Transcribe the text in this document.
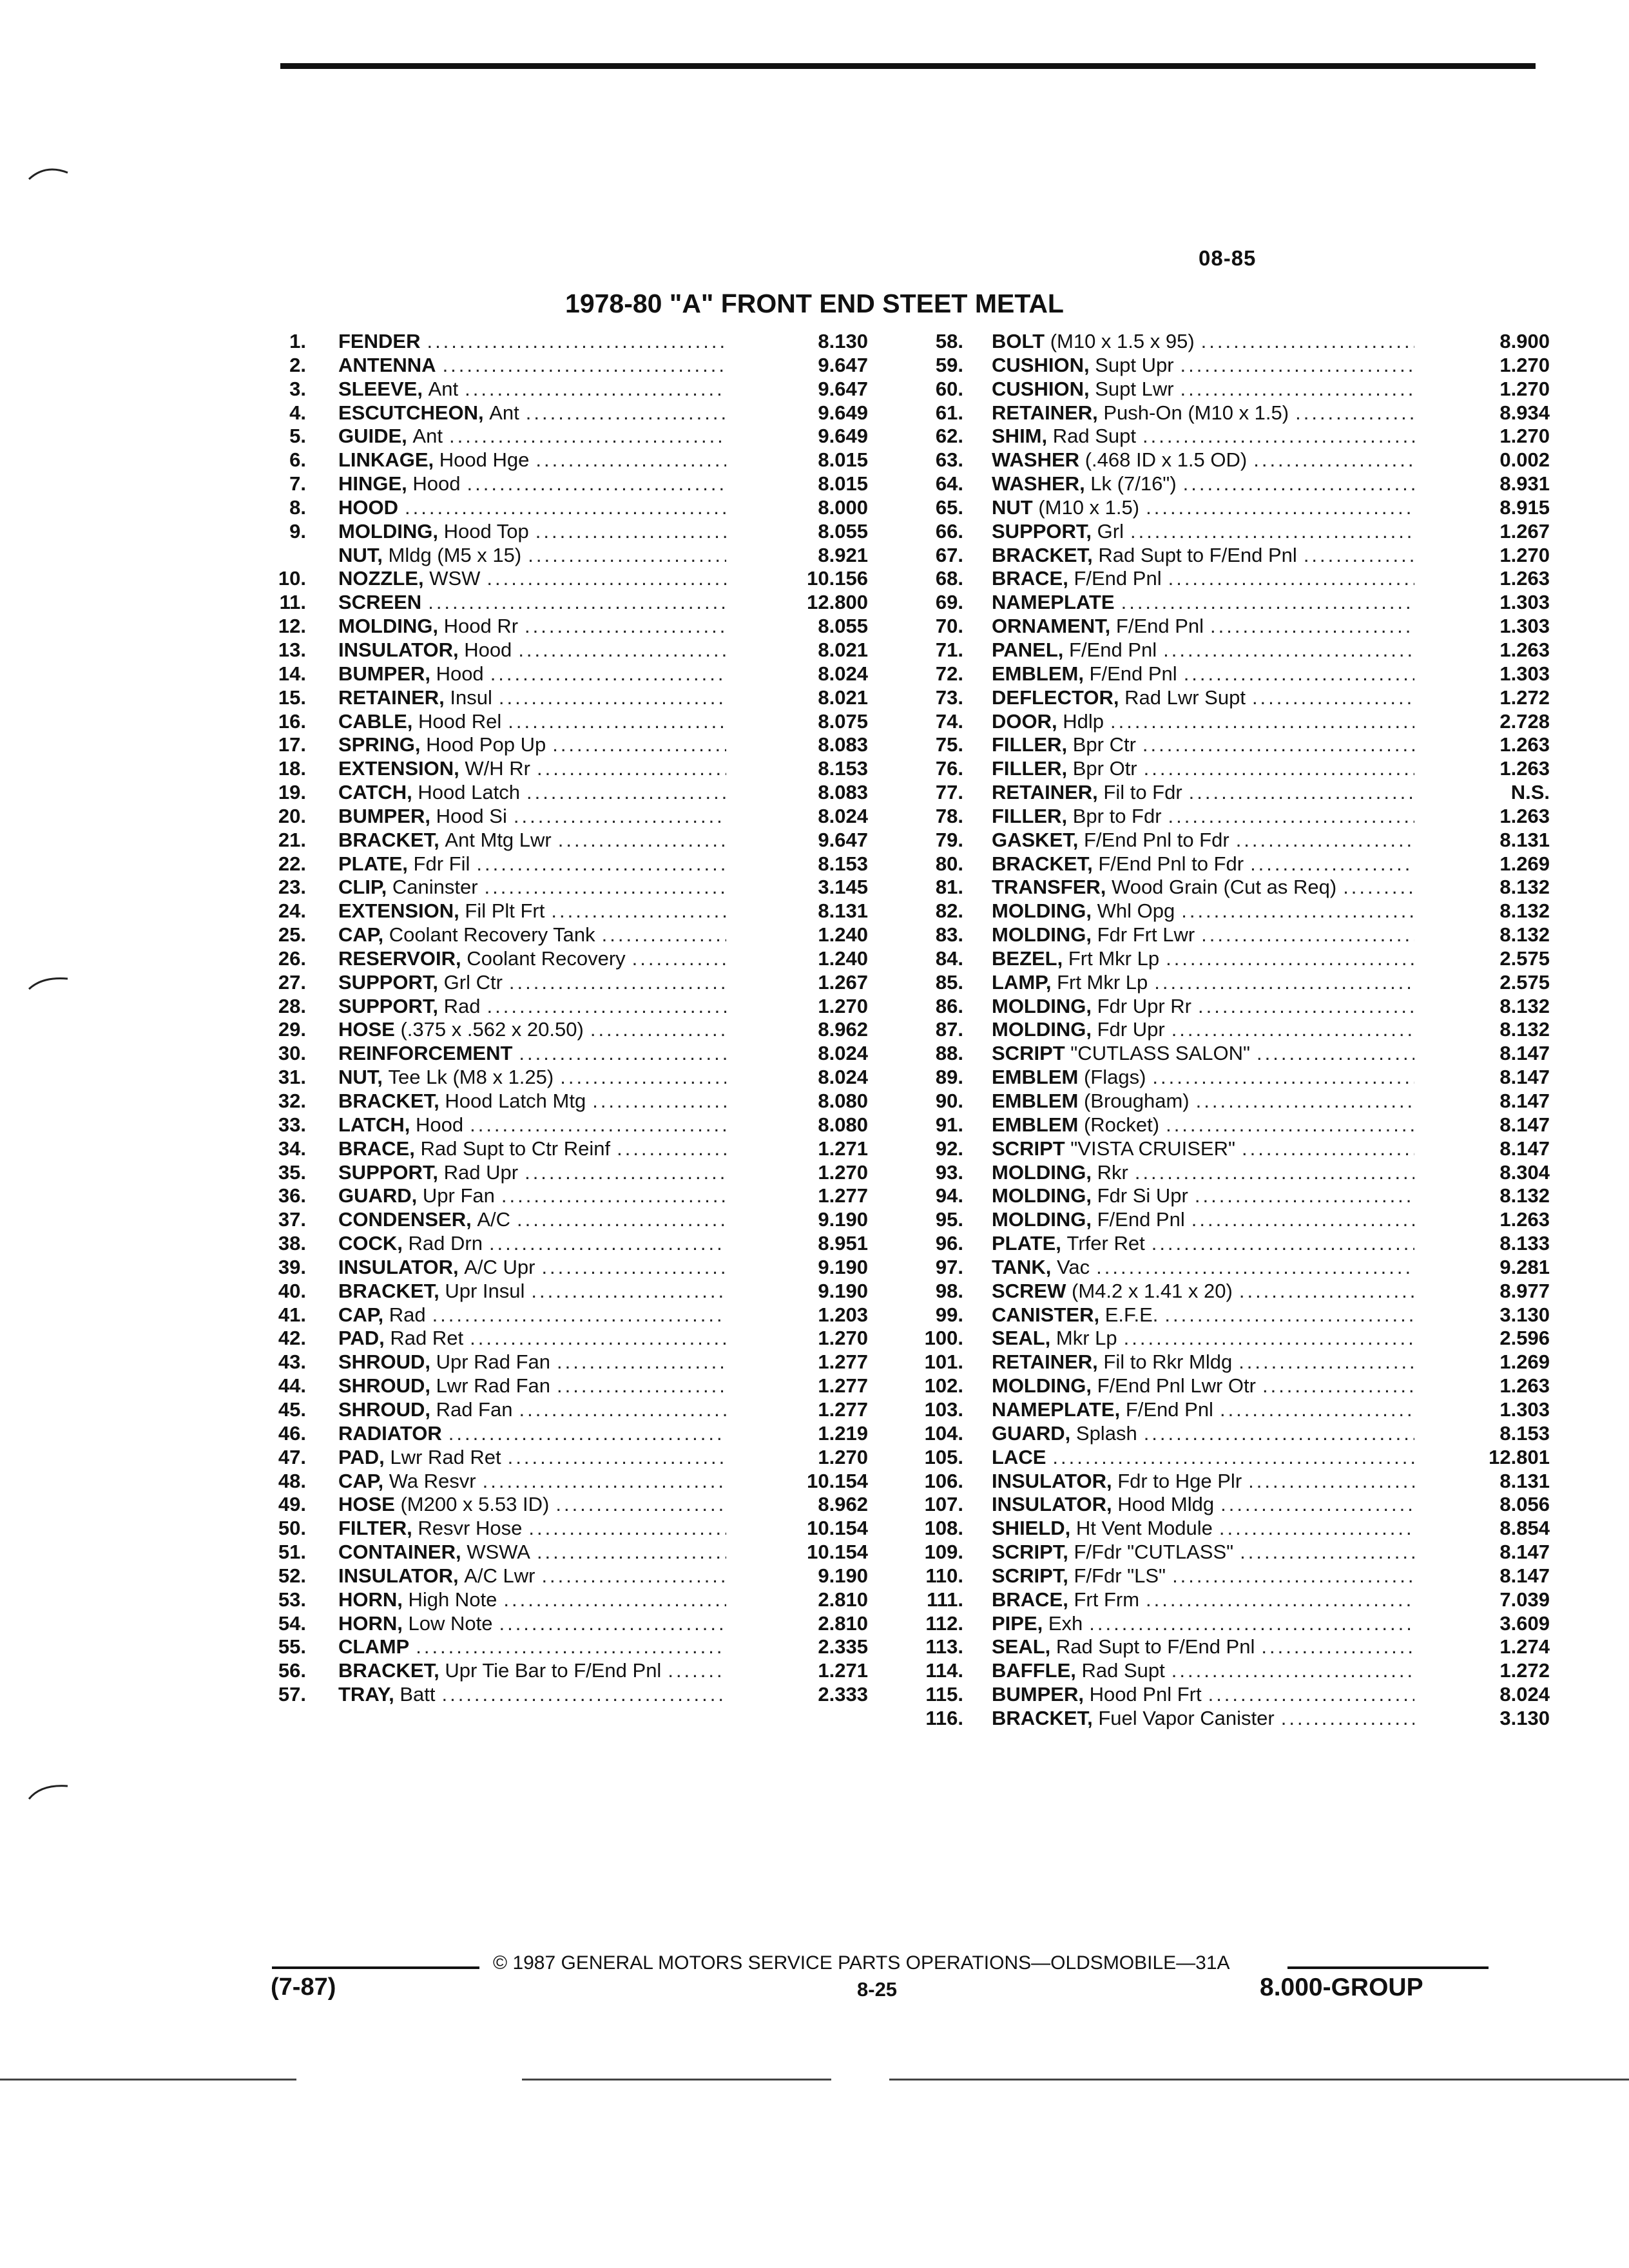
08-85
1978-80 "A" FRONT END STEET METAL
1. FENDER .....	8.130
2. ANTENNA .....	9.647
3. SLEEVE, Ant .....	9.647
4. ESCUTCHEON, Ant .....	9.649
5. GUIDE, Ant .....	9.649
6. LINKAGE, Hood Hge .....	8.015
7. HINGE, Hood .....	8.015
8. HOOD .....	8.000
9. MOLDING, Hood Top .....	8.055
NUT, Mldg (M5 x 15) .....	8.921
10. NOZZLE, WSW .....	10.156
11. SCREEN .....	12.800
12. MOLDING, Hood Rr .....	8.055
13. INSULATOR, Hood .....	8.021
14. BUMPER, Hood .....	8.024
15. RETAINER, Insul .....	8.021
16. CABLE, Hood Rel .....	8.075
17. SPRING, Hood Pop Up .....	8.083
18. EXTENSION, W/H Rr .....	8.153
19. CATCH, Hood Latch .....	8.083
20. BUMPER, Hood Si .....	8.024
21. BRACKET, Ant Mtg Lwr .....	9.647
22. PLATE, Fdr Fil .....	8.153
23. CLIP, Caninster .....	3.145
24. EXTENSION, Fil Plt Frt .....	8.131
25. CAP, Coolant Recovery Tank .....	1.240
26. RESERVOIR, Coolant Recovery .....	1.240
27. SUPPORT, Grl Ctr .....	1.267
28. SUPPORT, Rad .....	1.270
29. HOSE (.375 x .562 x 20.50) .....	8.962
30. REINFORCEMENT .....	8.024
31. NUT, Tee Lk (M8 x 1.25) .....	8.024
32. BRACKET, Hood Latch Mtg .....	8.080
33. LATCH, Hood .....	8.080
34. BRACE, Rad Supt to Ctr Reinf .....	1.271
35. SUPPORT, Rad Upr .....	1.270
36. GUARD, Upr Fan .....	1.277
37. CONDENSER, A/C .....	9.190
38. COCK, Rad Drn .....	8.951
39. INSULATOR, A/C Upr .....	9.190
40. BRACKET, Upr Insul .....	9.190
41. CAP, Rad .....	1.203
42. PAD, Rad Ret .....	1.270
43. SHROUD, Upr Rad Fan .....	1.277
44. SHROUD, Lwr Rad Fan .....	1.277
45. SHROUD, Rad Fan .....	1.277
46. RADIATOR .....	1.219
47. PAD, Lwr Rad Ret .....	1.270
48. CAP, Wa Resvr .....	10.154
49. HOSE (M200 x 5.53 ID) .....	8.962
50. FILTER, Resvr Hose .....	10.154
51. CONTAINER, WSWA .....	10.154
52. INSULATOR, A/C Lwr .....	9.190
53. HORN, High Note .....	2.810
54. HORN, Low Note .....	2.810
55. CLAMP .....	2.335
56. BRACKET, Upr Tie Bar to F/End Pnl .....	1.271
57. TRAY, Batt .....	2.333
58. BOLT (M10 x 1.5 x 95) .....	8.900
59. CUSHION, Supt Upr .....	1.270
60. CUSHION, Supt Lwr .....	1.270
61. RETAINER, Push-On (M10 x 1.5) .....	8.934
62. SHIM, Rad Supt .....	1.270
63. WASHER (.468 ID x 1.5 OD) .....	0.002
64. WASHER, Lk (7/16") .....	8.931
65. NUT (M10 x 1.5) .....	8.915
66. SUPPORT, Grl .....	1.267
67. BRACKET, Rad Supt to F/End Pnl .....	1.270
68. BRACE, F/End Pnl .....	1.263
69. NAMEPLATE .....	1.303
70. ORNAMENT, F/End Pnl .....	1.303
71. PANEL, F/End Pnl .....	1.263
72. EMBLEM, F/End Pnl .....	1.303
73. DEFLECTOR, Rad Lwr Supt .....	1.272
74. DOOR, Hdlp .....	2.728
75. FILLER, Bpr Ctr .....	1.263
76. FILLER, Bpr Otr .....	1.263
77. RETAINER, Fil to Fdr .....	N.S.
78. FILLER, Bpr to Fdr .....	1.263
79. GASKET, F/End Pnl to Fdr .....	8.131
80. BRACKET, F/End Pnl to Fdr .....	1.269
81. TRANSFER, Wood Grain (Cut as Req) .....	8.132
82. MOLDING, Whl Opg .....	8.132
83. MOLDING, Fdr Frt Lwr .....	8.132
84. BEZEL, Frt Mkr Lp .....	2.575
85. LAMP, Frt Mkr Lp .....	2.575
86. MOLDING, Fdr Upr Rr .....	8.132
87. MOLDING, Fdr Upr .....	8.132
88. SCRIPT "CUTLASS SALON" .....	8.147
89. EMBLEM (Flags) .....	8.147
90. EMBLEM (Brougham) .....	8.147
91. EMBLEM (Rocket) .....	8.147
92. SCRIPT "VISTA CRUISER" .....	8.147
93. MOLDING, Rkr .....	8.304
94. MOLDING, Fdr Si Upr .....	8.132
95. MOLDING, F/End Pnl .....	1.263
96. PLATE, Trfer Ret .....	8.133
97. TANK, Vac .....	9.281
98. SCREW (M4.2 x 1.41 x 20) .....	8.977
99. CANISTER, E.F.E. .....	3.130
100. SEAL, Mkr Lp .....	2.596
101. RETAINER, Fil to Rkr Mldg .....	1.269
102. MOLDING, F/End Pnl Lwr Otr .....	1.263
103. NAMEPLATE, F/End Pnl .....	1.303
104. GUARD, Splash .....	8.153
105. LACE .....	12.801
106. INSULATOR, Fdr to Hge Plr .....	8.131
107. INSULATOR, Hood Mldg .....	8.056
108. SHIELD, Ht Vent Module .....	8.854
109. SCRIPT, F/Fdr "CUTLASS" .....	8.147
110. SCRIPT, F/Fdr "LS" .....	8.147
111. BRACE, Frt Frm .....	7.039
112. PIPE, Exh .....	3.609
113. SEAL, Rad Supt to F/End Pnl .....	1.274
114. BAFFLE, Rad Supt .....	1.272
115. BUMPER, Hood Pnl Frt .....	8.024
116. BRACKET, Fuel Vapor Canister .....	3.130
© 1987 GENERAL MOTORS SERVICE PARTS OPERATIONS—OLDSMOBILE—31A
(7-87)	8-25	8.000-GROUP
